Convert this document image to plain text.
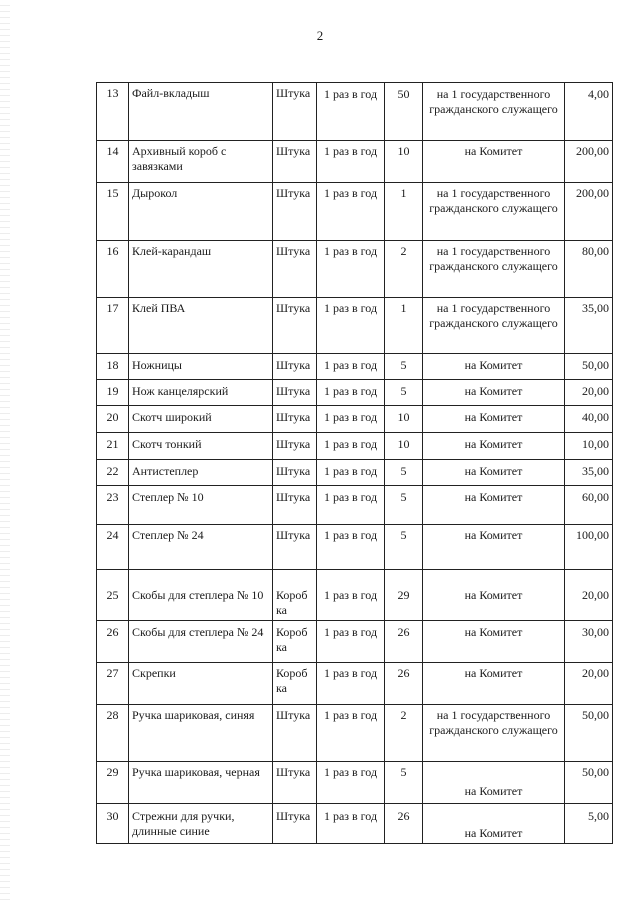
2
13	Файл-вкладыш	Штука	1 раз в год	50	на 1 государственного гражданского служащего	4,00
14	Архивный короб с завязками	Штука	1 раз в год	10	на Комитет	200,00
15	Дырокол	Штука	1 раз в год	1	на 1 государственного гражданского служащего	200,00
16	Клей-карандаш	Штука	1 раз в год	2	на 1 государственного гражданского служащего	80,00
17	Клей ПВА	Штука	1 раз в год	1	на 1 государственного гражданского служащего	35,00
18	Ножницы	Штука	1 раз в год	5	на Комитет	50,00
19	Нож канцелярский	Штука	1 раз в год	5	на Комитет	20,00
20	Скотч широкий	Штука	1 раз в год	10	на Комитет	40,00
21	Скотч тонкий	Штука	1 раз в год	10	на Комитет	10,00
22	Антистеплер	Штука	1 раз в год	5	на Комитет	35,00
23	Степлер № 10	Штука	1 раз в год	5	на Комитет	60,00
24	Степлер № 24	Штука	1 раз в год	5	на Комитет	100,00
25	Скобы для степлера № 10	Короб ка	1 раз в год	29	на Комитет	20,00
26	Скобы для степлера № 24	Короб ка	1 раз в год	26	на Комитет	30,00
27	Скрепки	Короб ка	1 раз в год	26	на Комитет	20,00
28	Ручка шариковая, синяя	Штука	1 раз в год	2	на 1 государственного гражданского служащего	50,00
29	Ручка шариковая, черная	Штука	1 раз в год	5	на Комитет	50,00
30	Стрежни для ручки, длинные синие	Штука	1 раз в год	26	на Комитет	5,00
